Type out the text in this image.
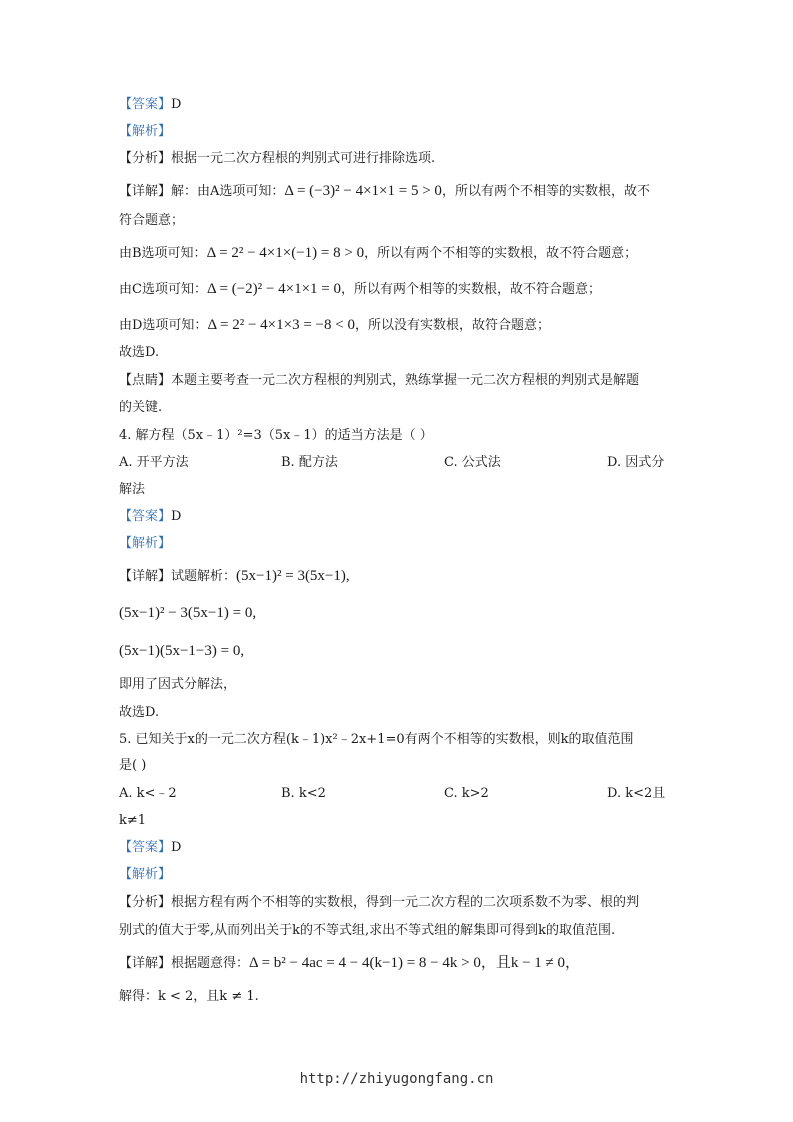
【答案】D
【解析】
【分析】根据一元二次方程根的判别式可进行排除选项.
【详解】解：由A选项可知：Δ = (−3)² − 4×1×1 = 5 > 0，所以有两个不相等的实数根，故不
符合题意；
由B选项可知：Δ = 2² − 4×1×(−1) = 8 > 0，所以有两个不相等的实数根，故不符合题意；
由C选项可知：Δ = (−2)² − 4×1×1 = 0，所以有两个相等的实数根，故不符合题意；
由D选项可知：Δ = 2² − 4×1×3 = −8 < 0，所以没有实数根，故符合题意；
故选D.
【点睛】本题主要考查一元二次方程根的判别式，熟练掌握一元二次方程根的判别式是解题
的关键.
4. 解方程（5x﹣1）²=3（5x﹣1）的适当方法是（ ）
A. 开平方法	B. 配方法	C. 公式法	D. 因式分
解法
【答案】D
【解析】
【详解】试题解析：(5x−1)² = 3(5x−1),
(5x−1)² − 3(5x−1) = 0,
(5x−1)(5x−1−3) = 0,
即用了因式分解法，
故选D.
5. 已知关于x的一元二次方程(k﹣1)x²﹣2x+1=0有两个不相等的实数根，则k的取值范围
是( )
A. k<﹣2	B. k<2	C. k>2	D. k<2且
k≠1
【答案】D
【解析】
【分析】根据方程有两个不相等的实数根，得到一元二次方程的二次项系数不为零、根的判
别式的值大于零,从而列出关于k的不等式组,求出不等式组的解集即可得到k的取值范围.
【详解】根据题意得：Δ = b² − 4ac = 4 − 4(k−1) = 8 − 4k > 0，且k − 1 ≠ 0，
解得：k < 2，且k ≠ 1.
http://zhiyugongfang.cn
